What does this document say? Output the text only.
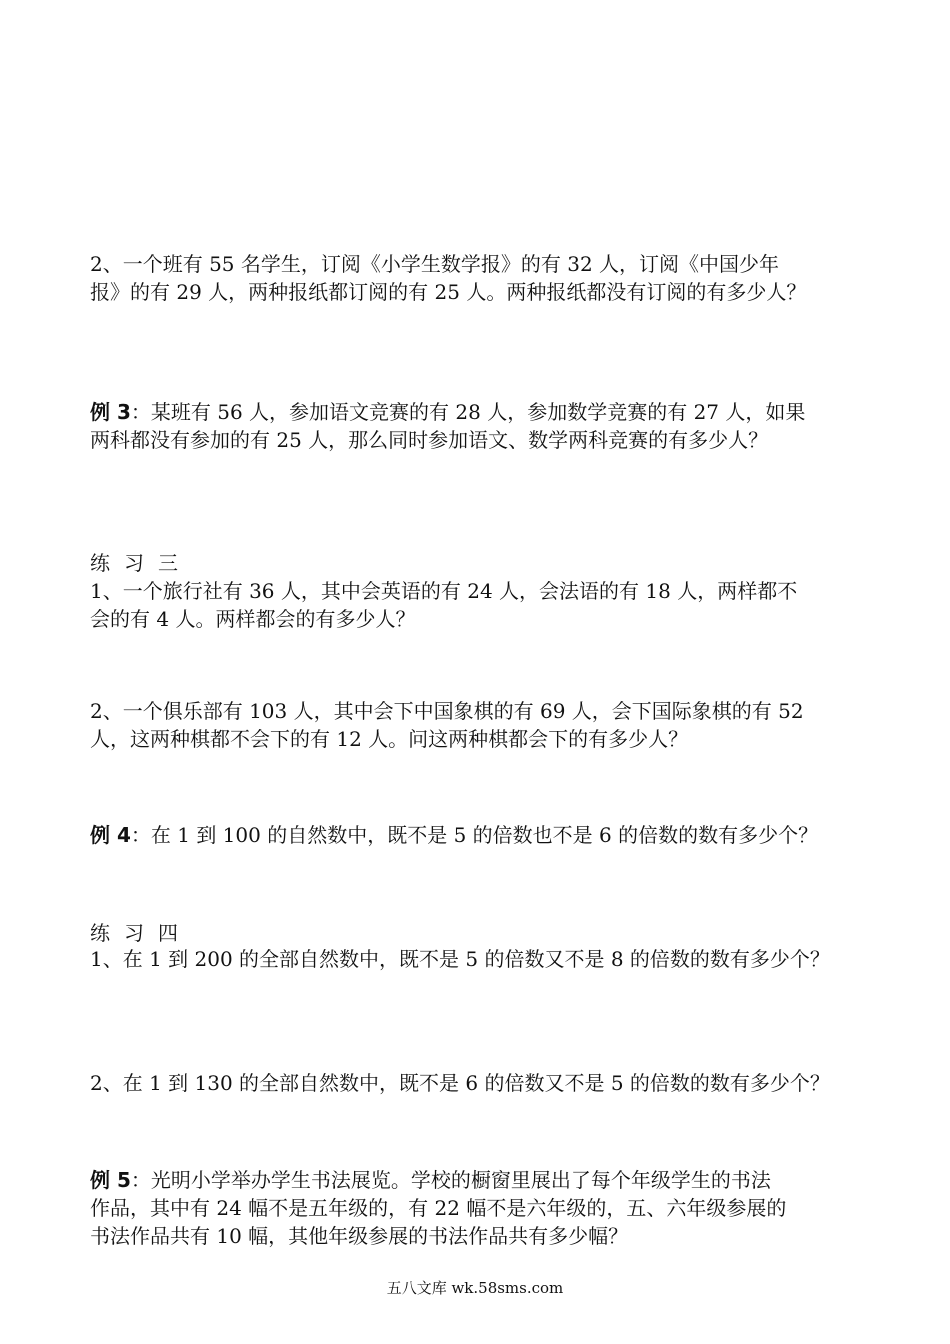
2、一个班有 55 名学生，订阅《小学生数学报》的有 32 人，订阅《中国少年
报》的有 29 人，两种报纸都订阅的有 25 人。两种报纸都没有订阅的有多少人？
例 3：某班有 56 人，参加语文竞赛的有 28 人，参加数学竞赛的有 27 人，如果
两科都没有参加的有 25 人，那么同时参加语文、数学两科竞赛的有多少人？
练习三
1、一个旅行社有 36 人，其中会英语的有 24 人，会法语的有 18 人，两样都不
会的有 4 人。两样都会的有多少人？
2、一个俱乐部有 103 人，其中会下中国象棋的有 69 人，会下国际象棋的有 52
人，这两种棋都不会下的有 12 人。问这两种棋都会下的有多少人？
例 4：在 1 到 100 的自然数中，既不是 5 的倍数也不是 6 的倍数的数有多少个？
练习四
1、在 1 到 200 的全部自然数中，既不是 5 的倍数又不是 8 的倍数的数有多少个？
2、在 1 到 130 的全部自然数中，既不是 6 的倍数又不是 5 的倍数的数有多少个？
例 5：光明小学举办学生书法展览。学校的橱窗里展出了每个年级学生的书法
作品，其中有 24 幅不是五年级的，有 22 幅不是六年级的，五、六年级参展的
书法作品共有 10 幅，其他年级参展的书法作品共有多少幅？
五八文库 wk.58sms.com
